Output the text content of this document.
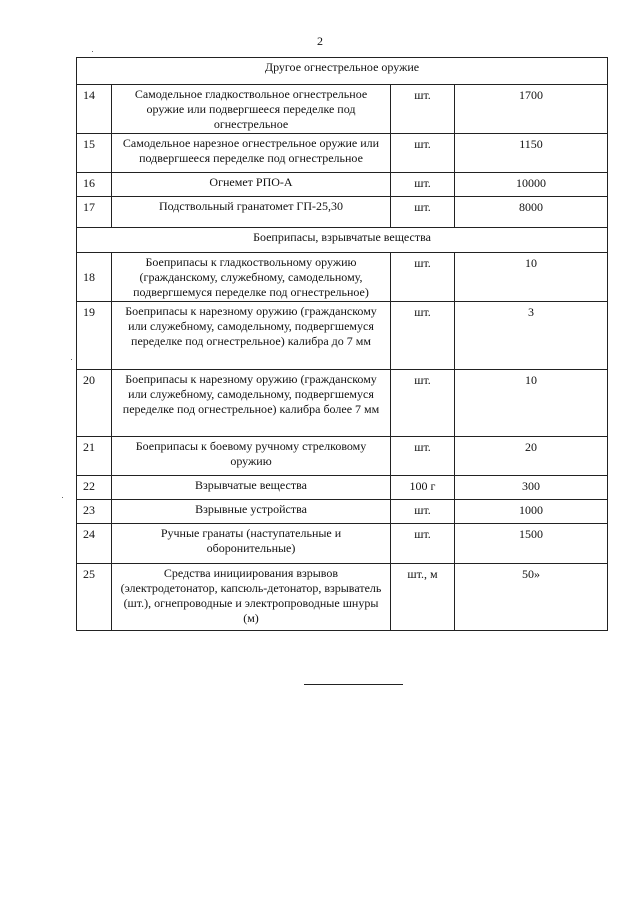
2
Другое огнестрельное оружие			
14	Самодельное гладкоствольное огнестрельное оружие или подвергшееся переделке под огнестрельное	шт.	1700
15	Самодельное нарезное огнестрельное оружие или подвергшееся переделке под огнестрельное	шт.	1150
16	Огнемет РПО-А	шт.	10000
17	Подствольный гранатомет ГП-25,30	шт.	8000
Боеприпасы, взрывчатые вещества			
18	Боеприпасы к гладкоствольному оружию (гражданскому, служебному, самодельному, подвергшемуся переделке под огнестрельное)	шт.	10
19	Боеприпасы к нарезному оружию (гражданскому или служебному, самодельному, подвергшемуся переделке под огнестрельное) калибра до 7 мм	шт.	3
20	Боеприпасы к нарезному оружию (гражданскому или служебному, самодельному, подвергшемуся переделке под огнестрельное) калибра более 7 мм	шт.	10
21	Боеприпасы к боевому ручному стрелковому оружию	шт.	20
22	Взрывчатые вещества	100 г	300
23	Взрывные устройства	шт.	1000
24	Ручные гранаты (наступательные и оборонительные)	шт.	1500
25	Средства инициирования взрывов (электродетонатор, капсюль-детонатор, взрыватель (шт.), огнепроводные и электропроводные шнуры (м)	шт., м	50»
